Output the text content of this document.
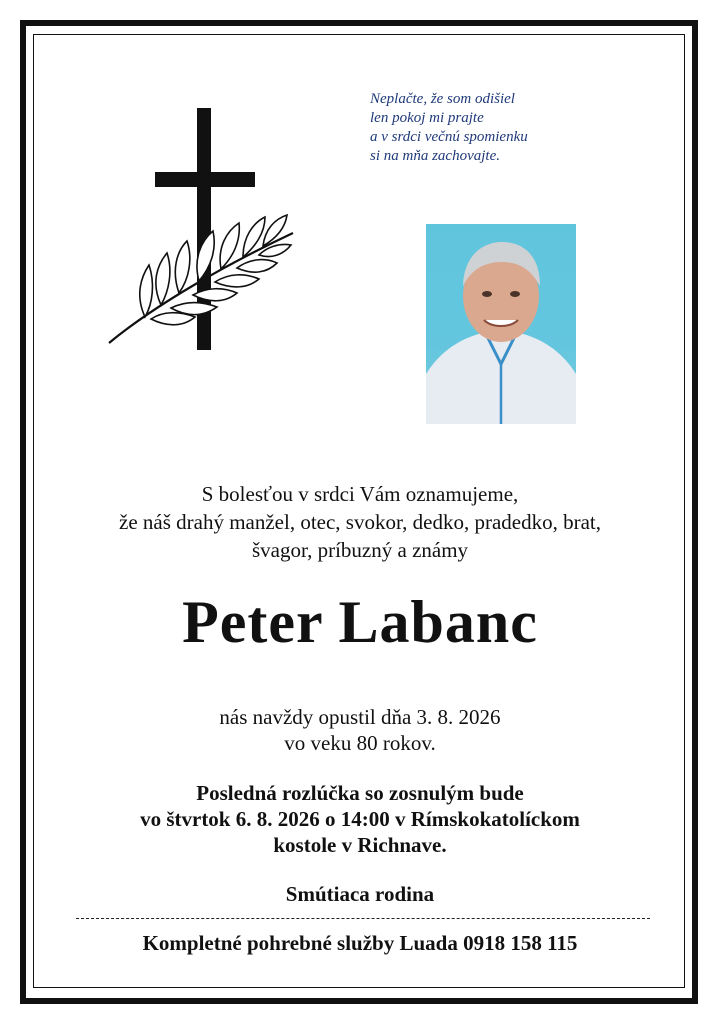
Neplačte, že som odišiel
len pokoj mi prajte
a v srdci večnú spomienku
si na mňa zachovajte.
S bolesťou v srdci Vám oznamujeme,
že náš drahý manžel, otec, svokor, dedko, pradedko, brat,
švagor, príbuzný a známy
Peter Labanc
nás navždy opustil dňa 3. 8. 2026
vo veku 80 rokov.
Posledná rozlúčka so zosnulým bude
vo štvrtok 6. 8. 2026 o 14:00 v Rímskokatolíckom
kostole v Richnave.
Smútiaca rodina
Kompletné pohrebné služby Luada 0918 158 115
